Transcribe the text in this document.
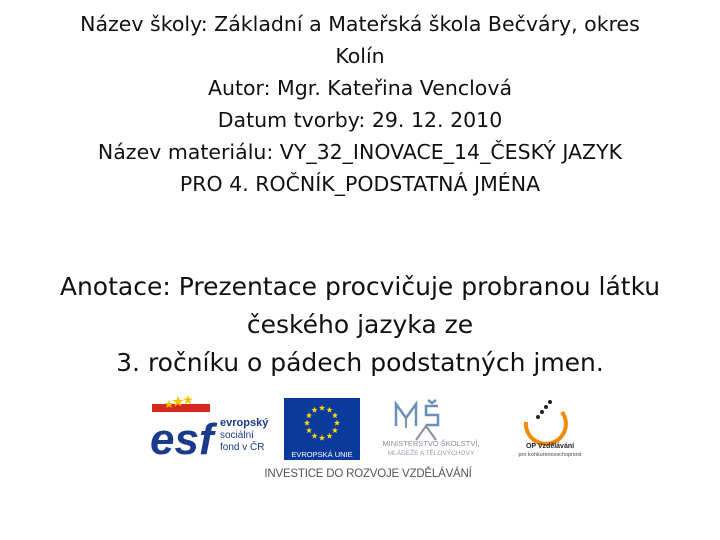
Název školy: Základní a Mateřská škola Bečváry, okres
Kolín
Autor: Mgr. Kateřina Venclová
Datum tvorby: 29. 12. 2010
Název materiálu: VY_32_INOVACE_14_ČESKÝ JAZYK
PRO 4. ROČNÍK_PODSTATNÁ JMÉNA
Anotace: Prezentace procvičuje probranou látku
českého jazyka ze
3. ročníku o pádech podstatných jmen.
esf evropský
sociální
fond v ČR
EVROPSKÁ UNIE
MINISTERSTVO ŠKOLSTVÍ,
MLÁDEŽE A TĚLOVÝCHOVY
OP Vzdělávání
pro konkurenceschopnost
INVESTICE DO ROZVOJE VZDĚLÁVÁNÍ
